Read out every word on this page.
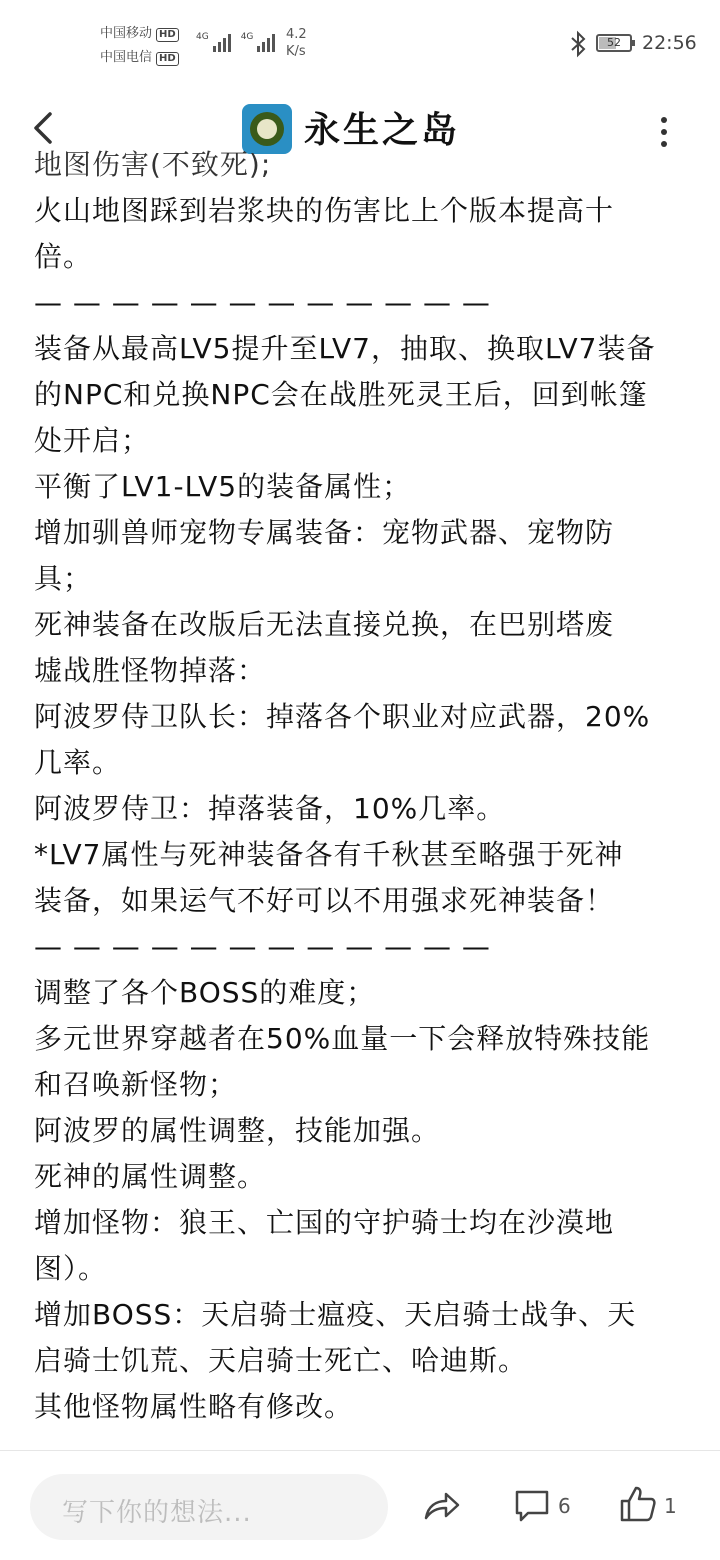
中国移动 HD
中国电信 HD
4G	4G	4.2
K/s
52	22:56
永生之岛
地图伤害(不致死);
火山地图踩到岩浆块的伤害比上个版本提高十
倍。
— — — — — — — — — — — —
装备从最高LV5提升至LV7，抽取、换取LV7装备
的NPC和兑换NPC会在战胜死灵王后，回到帐篷
处开启；
平衡了LV1-LV5的装备属性；
增加驯兽师宠物专属装备：宠物武器、宠物防
具；
死神装备在改版后无法直接兑换，在巴别塔废
墟战胜怪物掉落：
阿波罗侍卫队长：掉落各个职业对应武器，20%
几率。
阿波罗侍卫：掉落装备，10%几率。
*LV7属性与死神装备各有千秋甚至略强于死神
装备，如果运气不好可以不用强求死神装备！
— — — — — — — — — — — —
调整了各个BOSS的难度；
多元世界穿越者在50%血量一下会释放特殊技能
和召唤新怪物；
阿波罗的属性调整，技能加强。
死神的属性调整。
增加怪物：狼王、亡国的守护骑士均在沙漠地
图）。
增加BOSS：天启骑士瘟疫、天启骑士战争、天
启骑士饥荒、天启骑士死亡、哈迪斯。
其他怪物属性略有修改。
写下你的想法...	6	1
